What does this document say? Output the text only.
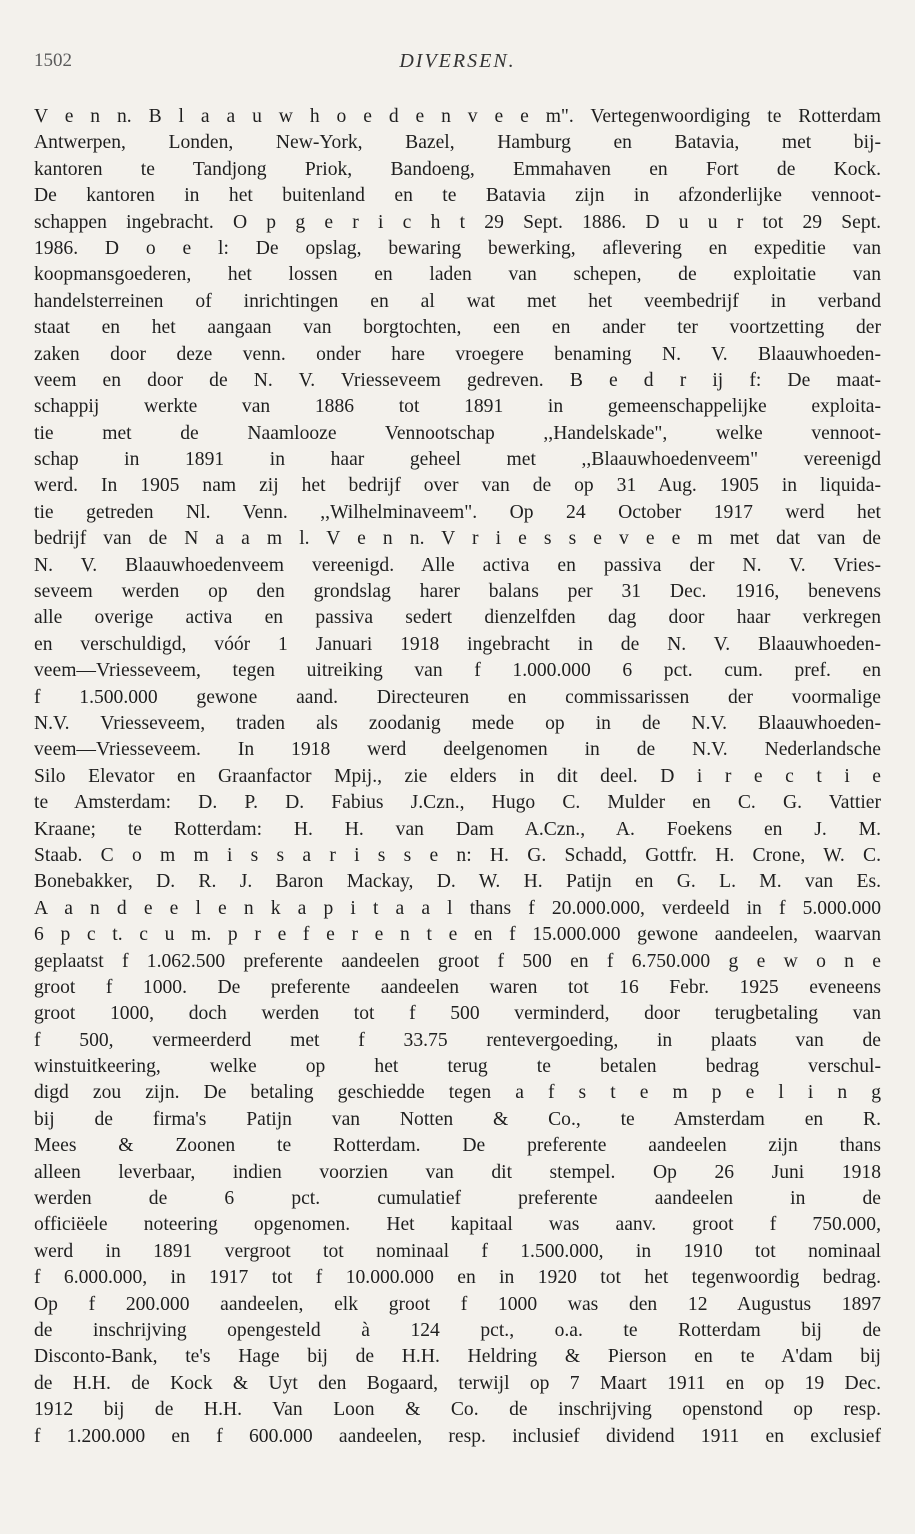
1502	DIVERSEN.
V e n n. B l a a u w h o e d e n v e e m". Vertegenwoordiging te Rotterdam
Antwerpen, Londen, New-York, Bazel, Hamburg en Batavia, met bij-
kantoren te Tandjong Priok, Bandoeng, Emmahaven en Fort de Kock.
De kantoren in het buitenland en te Batavia zijn in afzonderlijke vennoot-
schappen ingebracht. O p g e r i c h t 29 Sept. 1886. D u u r tot 29 Sept.
1986. D o e l: De opslag, bewaring bewerking, aflevering en expeditie van
koopmansgoederen, het lossen en laden van schepen, de exploitatie van
handelsterreinen of inrichtingen en al wat met het veembedrijf in verband
staat en het aangaan van borgtochten, een en ander ter voortzetting der
zaken door deze venn. onder hare vroegere benaming N. V. Blaauwhoeden-
veem en door de N. V. Vriesseveem gedreven. B e d r ij f: De maat-
schappij werkte van 1886 tot 1891 in gemeenschappelijke exploita-
tie met de Naamlooze Vennootschap ,,Handelskade", welke vennoot-
schap in 1891 in haar geheel met ,,Blaauwhoedenveem" vereenigd
werd. In 1905 nam zij het bedrijf over van de op 31 Aug. 1905 in liquida-
tie getreden Nl. Venn. ,,Wilhelminaveem". Op 24 October 1917 werd het
bedrijf van de N a a m l. V e n n. V r i e s s e v e e m met dat van de
N. V. Blaauwhoedenveem vereenigd. Alle activa en passiva der N. V. Vries-
seveem werden op den grondslag harer balans per 31 Dec. 1916, benevens
alle overige activa en passiva sedert dienzelfden dag door haar verkregen
en verschuldigd, vóór 1 Januari 1918 ingebracht in de N. V. Blaauwhoeden-
veem—Vriesseveem, tegen uitreiking van f 1.000.000 6 pct. cum. pref. en
f 1.500.000 gewone aand. Directeuren en commissarissen der voormalige
N.V. Vriesseveem, traden als zoodanig mede op in de N.V. Blaauwhoeden-
veem—Vriesseveem. In 1918 werd deelgenomen in de N.V. Nederlandsche
Silo Elevator en Graanfactor Mpij., zie elders in dit deel. D i r e c t i e
te Amsterdam: D. P. D. Fabius J.Czn., Hugo C. Mulder en C. G. Vattier
Kraane; te Rotterdam: H. H. van Dam A.Czn., A. Foekens en J. M.
Staab. C o m m i s s a r i s s e n: H. G. Schadd, Gottfr. H. Crone, W. C.
Bonebakker, D. R. J. Baron Mackay, D. W. H. Patijn en G. L. M. van Es.
A a n d e e l e n k a p i t a a l thans f 20.000.000, verdeeld in f 5.000.000
6 p c t. c u m. p r e f e r e n t e en f 15.000.000 gewone aandeelen, waarvan
geplaatst f 1.062.500 preferente aandeelen groot f 500 en f 6.750.000 g e w o n e
groot f 1000. De preferente aandeelen waren tot 16 Febr. 1925 eveneens
groot 1000, doch werden tot f 500 verminderd, door terugbetaling van
f 500, vermeerderd met f 33.75 rentevergoeding, in plaats van de
winstuitkeering, welke op het terug te betalen bedrag verschul-
digd zou zijn. De betaling geschiedde tegen a f s t e m p e l i n g
bij de firma's Patijn van Notten & Co., te Amsterdam en R.
Mees & Zoonen te Rotterdam. De preferente aandeelen zijn thans
alleen leverbaar, indien voorzien van dit stempel. Op 26 Juni 1918
werden de 6 pct. cumulatief preferente aandeelen in de
officiëele noteering opgenomen. Het kapitaal was aanv. groot f 750.000,
werd in 1891 vergroot tot nominaal f 1.500.000, in 1910 tot nominaal
f 6.000.000, in 1917 tot f 10.000.000 en in 1920 tot het tegenwoordig bedrag.
Op f 200.000 aandeelen, elk groot f 1000 was den 12 Augustus 1897
de inschrijving opengesteld à 124 pct., o.a. te Rotterdam bij de
Disconto-Bank, te's Hage bij de H.H. Heldring & Pierson en te A'dam bij
de H.H. de Kock & Uyt den Bogaard, terwijl op 7 Maart 1911 en op 19 Dec.
1912 bij de H.H. Van Loon & Co. de inschrijving openstond op resp.
f 1.200.000 en f 600.000 aandeelen, resp. inclusief dividend 1911 en exclusief
